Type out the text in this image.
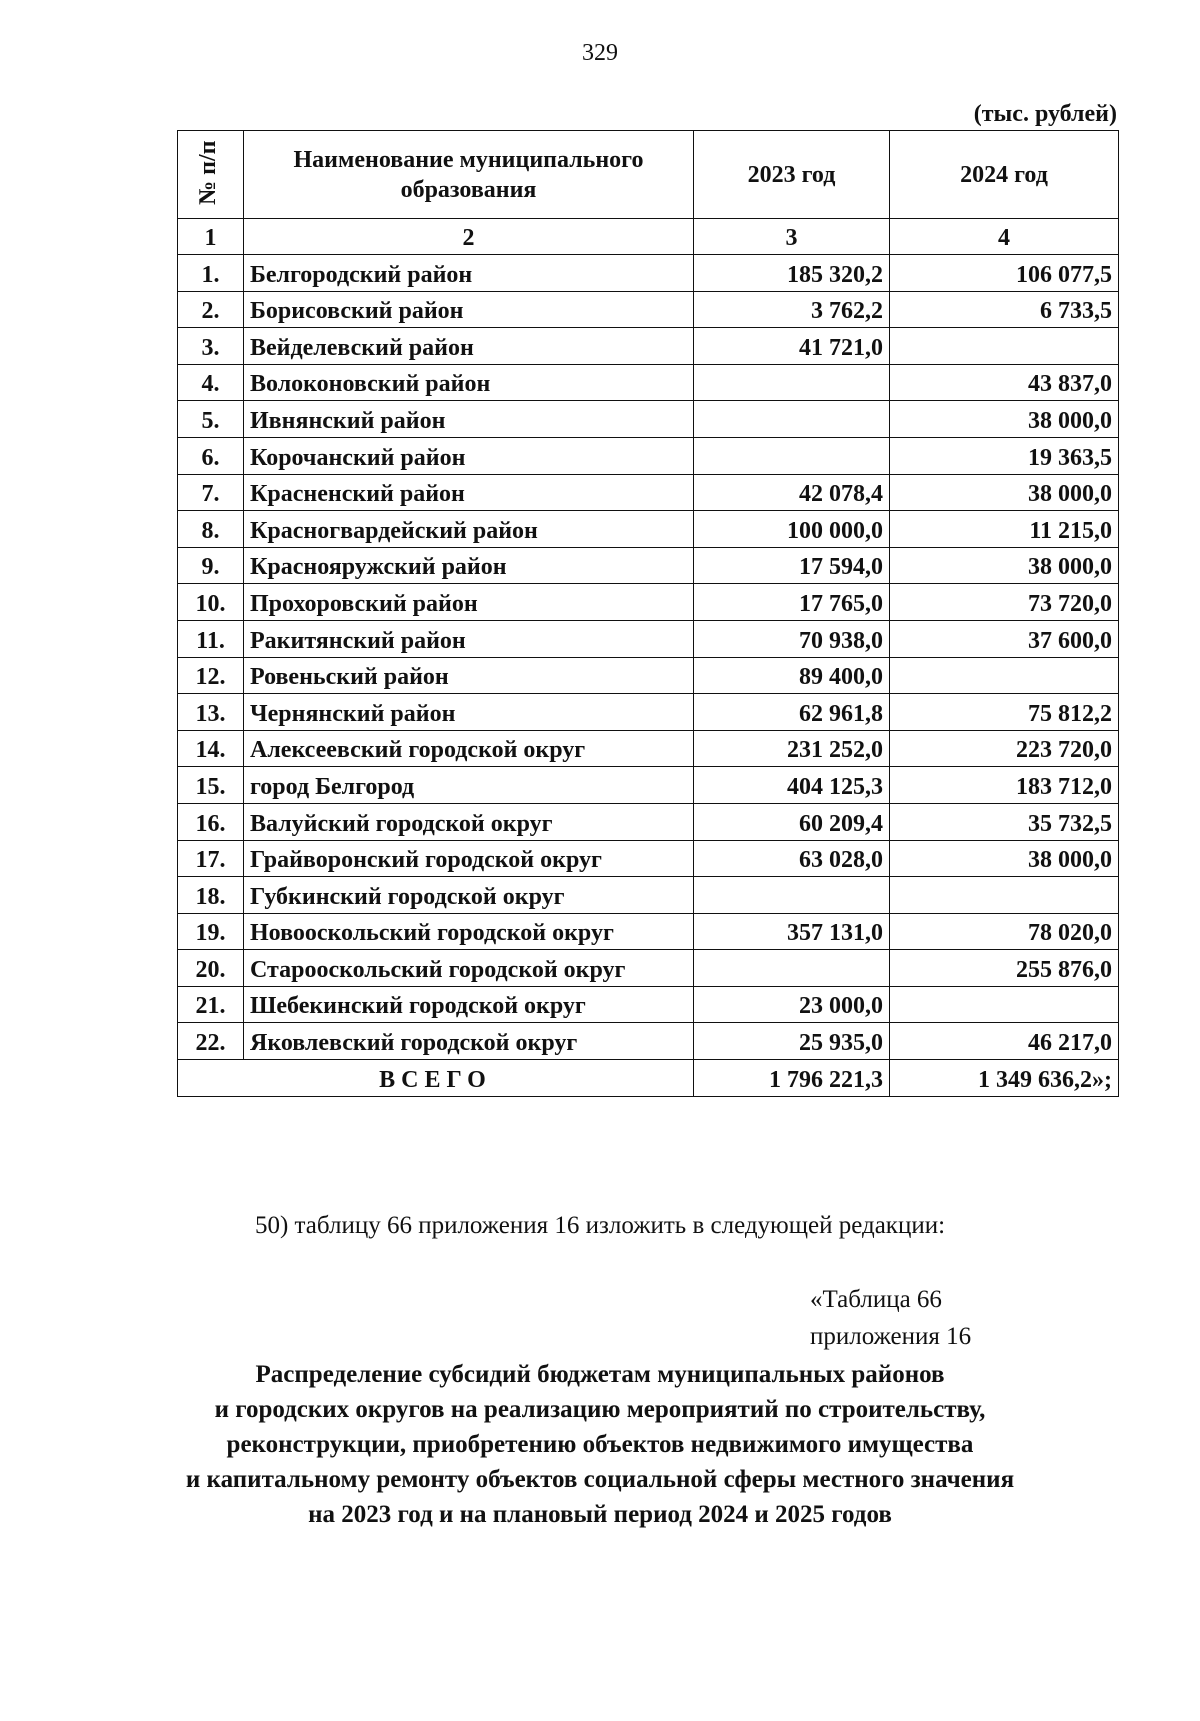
329
(тыс. рублей)
№ п/п	Наименование муниципального образования	2023 год	2024 год
1	2	3	4
1.	Белгородский район	185 320,2	106 077,5
2.	Борисовский район	3 762,2	6 733,5
3.	Вейделевский район	41 721,0	
4.	Волоконовский район		43 837,0
5.	Ивнянский район		38 000,0
6.	Корочанский район		19 363,5
7.	Красненский район	42 078,4	38 000,0
8.	Красногвардейский район	100 000,0	11 215,0
9.	Краснояружский район	17 594,0	38 000,0
10.	Прохоровский район	17 765,0	73 720,0
11.	Ракитянский район	70 938,0	37 600,0
12.	Ровеньский район	89 400,0	
13.	Чернянский район	62 961,8	75 812,2
14.	Алексеевский городской округ	231 252,0	223 720,0
15.	город Белгород	404 125,3	183 712,0
16.	Валуйский городской округ	60 209,4	35 732,5
17.	Грайворонский городской округ	63 028,0	38 000,0
18.	Губкинский городской округ		
19.	Новооскольский городской округ	357 131,0	78 020,0
20.	Старооскольский городской округ		255 876,0
21.	Шебекинский городской округ	23 000,0	
22.	Яковлевский городской округ	25 935,0	46 217,0
ВСЕГО		1 796 221,3	1 349 636,2»;
50) таблицу 66 приложения 16 изложить в следующей редакции:
«Таблица 66
приложения 16
Распределение субсидий бюджетам муниципальных районов
и городских округов на реализацию мероприятий по строительству,
реконструкции, приобретению объектов недвижимого имущества
и капитальному ремонту объектов социальной сферы местного значения
на 2023 год и на плановый период 2024 и 2025 годов
